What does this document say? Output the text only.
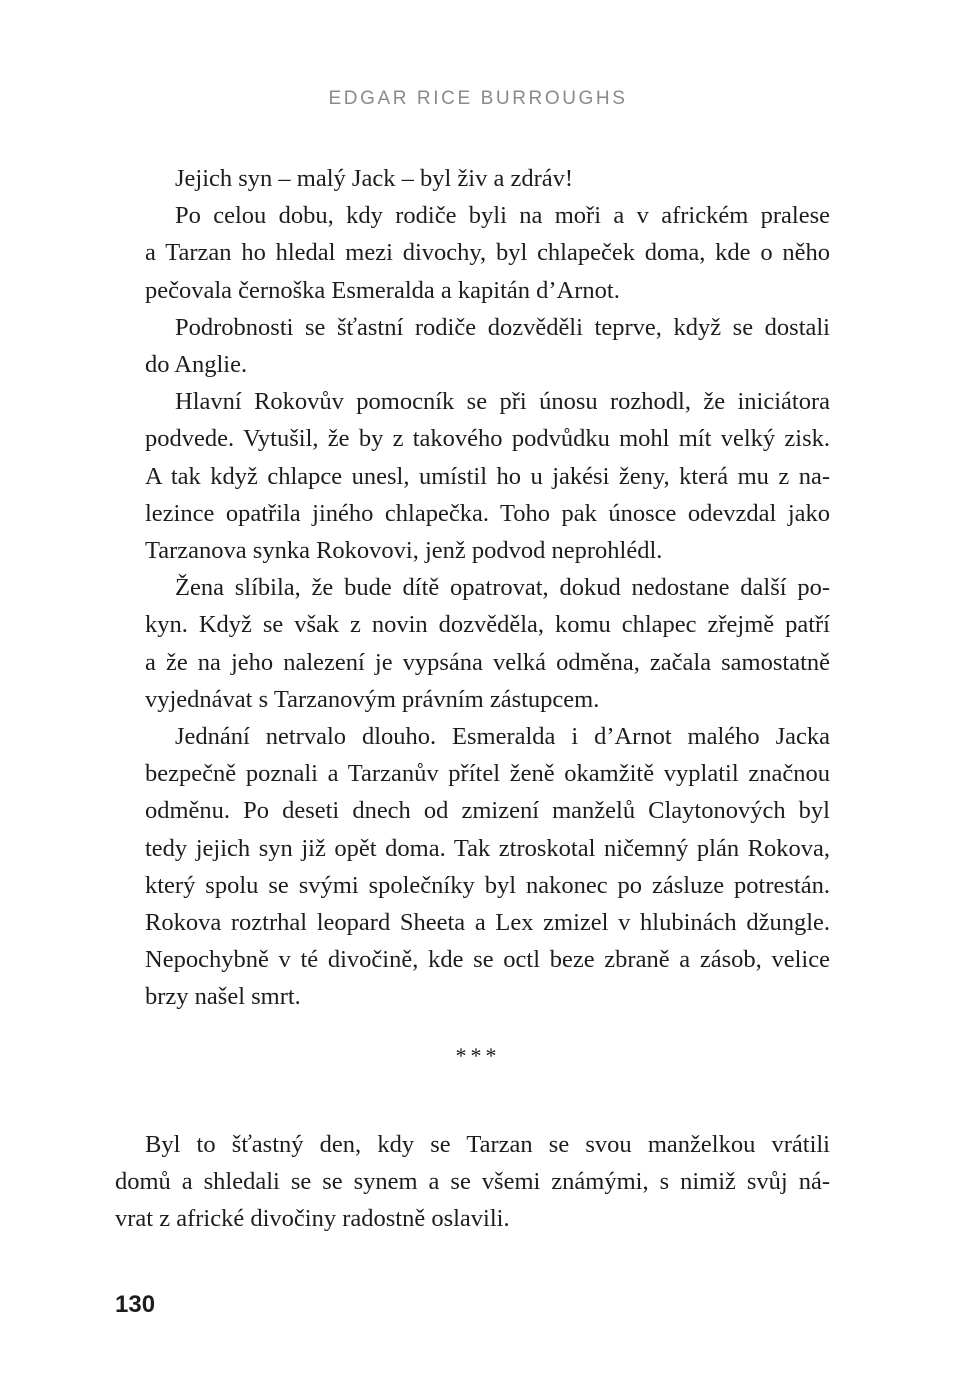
EDGAR RICE BURROUGHS

Jejich syn – malý Jack – byl živ a zdráv!

Po celou dobu, kdy rodiče byli na moři a v africkém pralese
a Tarzan ho hledal mezi divochy, byl chlapeček doma, kde o něho
pečovala černoška Esmeralda a kapitán d’Arnot.

Podrobnosti se šťastní rodiče dozvěděli teprve, když se dostali
do Anglie.

Hlavní Rokovův pomocník se při únosu rozhodl, že iniciátora
podvede. Vytušil, že by z takového podvůdku mohl mít velký zisk.
A tak když chlapce unesl, umístil ho u jakési ženy, která mu z na-
lezince opatřila jiného chlapečka. Toho pak únosce odevzdal jako
Tarzanova synka Rokovovi, jenž podvod neprohlédl.

Žena slíbila, že bude dítě opatrovat, dokud nedostane další po-
kyn. Když se však z novin dozvěděla, komu chlapec zřejmě patří
a že na jeho nalezení je vypsána velká odměna, začala samostatně
vyjednávat s Tarzanovým právním zástupcem.

Jednání netrvalo dlouho. Esmeralda i d’Arnot malého Jacka
bezpečně poznali a Tarzanův přítel ženě okamžitě vyplatil značnou
odměnu. Po deseti dnech od zmizení manželů Claytonových byl
tedy jejich syn již opět doma. Tak ztroskotal ničemný plán Rokova,
který spolu se svými společníky byl nakonec po zásluze potrestán.
Rokova roztrhal leopard Sheeta a Lex zmizel v hlubinách džungle.
Nepochybně v té divočině, kde se octl beze zbraně a zásob, velice
brzy našel smrt.

***
Byl to šťastný den, kdy se Tarzan se svou manželkou vrátili
domů a shledali se se synem a se všemi známými, s nimiž svůj ná-
vrat z africké divočiny radostně oslavili.
130
